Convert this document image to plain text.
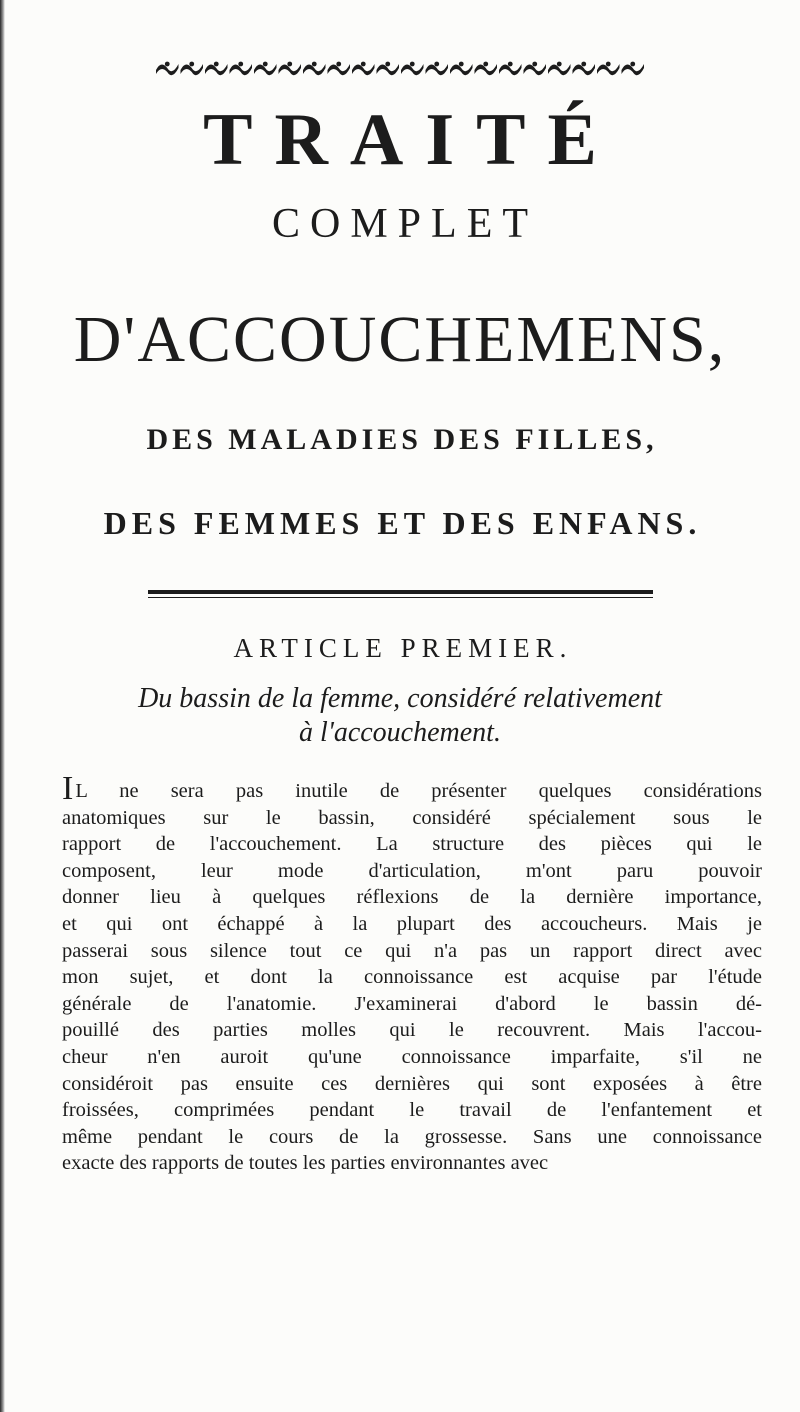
TRAITÉ
COMPLET
D'ACCOUCHEMENS,
DES MALADIES DES FILLES,
DES FEMMES ET DES ENFANS.
ARTICLE PREMIER.
Du bassin de la femme, considéré relativement
à l'accouchement.
IL ne sera pas inutile de présenter quelques considérations
anatomiques sur le bassin, considéré spécialement sous le
rapport de l'accouchement. La structure des pièces qui le
composent, leur mode d'articulation, m'ont paru pouvoir
donner lieu à quelques réflexions de la dernière importance,
et qui ont échappé à la plupart des accoucheurs. Mais je
passerai sous silence tout ce qui n'a pas un rapport direct avec
mon sujet, et dont la connoissance est acquise par l'étude
générale de l'anatomie. J'examinerai d'abord le bassin dé-
pouillé des parties molles qui le recouvrent. Mais l'accou-
cheur n'en auroit qu'une connoissance imparfaite, s'il ne
considéroit pas ensuite ces dernières qui sont exposées à être
froissées, comprimées pendant le travail de l'enfantement et
même pendant le cours de la grossesse. Sans une connoissance
exacte des rapports de toutes les parties environnantes avec
